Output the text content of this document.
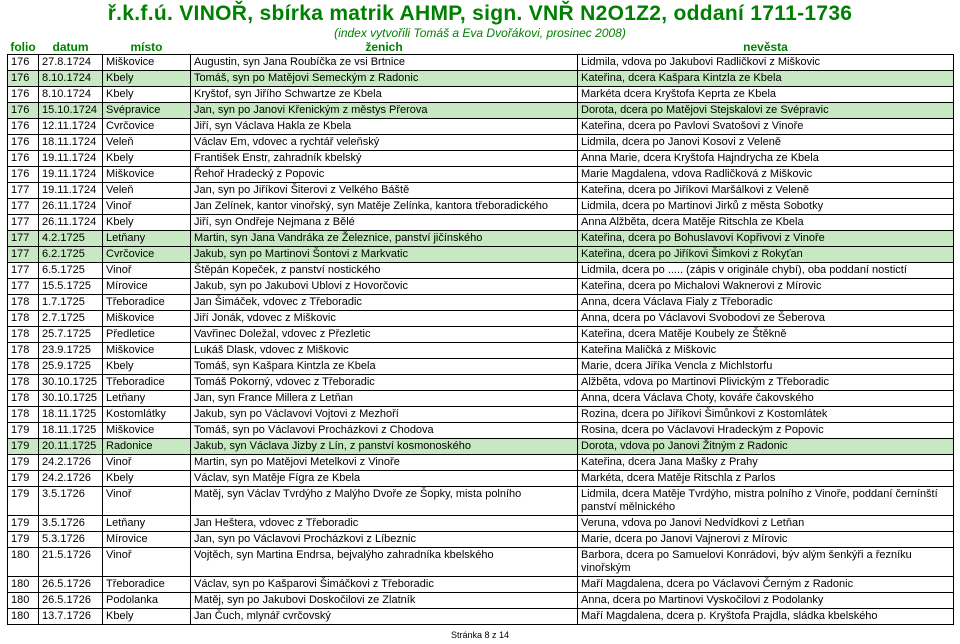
ř.k.f.ú. VINOŘ, sbírka matrik AHMP, sign. VNŘ N2O1Z2, oddaní 1711-1736
(index vytvořili Tomáš a Eva Dvořákovi, prosinec 2008)
folio	datum	místo	ženich	nevěsta
176	27.8.1724	Miškovice	Augustin, syn Jana Roubíčka ze vsi Brtnice	Lidmila, vdova po Jakubovi Radličkovi z Miškovic
176	8.10.1724	Kbely	Tomáš, syn po Matějovi Semeckým z Radonic	Kateřina, dcera Kašpara Kintzla ze Kbela
176	8.10.1724	Kbely	Kryštof, syn Jiřího Schwartze ze Kbela	Markéta dcera Kryštofa Keprta ze Kbela
176	15.10.1724	Svépravice	Jan, syn po Janovi Křenickým z městys Přerova	Dorota, dcera po Matějovi Stejskalovi ze Svépravic
176	12.11.1724	Cvrčovice	Jiří, syn Václava Hakla ze Kbela	Kateřina, dcera po Pavlovi Svatošovi z Vinoře
176	18.11.1724	Veleň	Václav Em, vdovec a rychtář veleňský	Lidmila, dcera po Janovi Kosovi z Veleně
176	19.11.1724	Kbely	František Enstr, zahradník kbelský	Anna Marie, dcera Kryštofa Hajndrycha ze Kbela
176	19.11.1724	Miškovice	Řehoř Hradecký z Popovic	Marie Magdalena, vdova Radličková z Miškovic
177	19.11.1724	Veleň	Jan, syn po Jiříkovi Šiterovi z Velkého Báště	Kateřina, dcera po Jiříkovi Maršálkovi z Veleně
177	26.11.1724	Vinoř	Jan Zelínek, kantor vinořský, syn Matěje Zelínka, kantora třeboradického	Lidmila, dcera po Martinovi Jirků z města Sobotky
177	26.11.1724	Kbely	Jiří, syn Ondřeje Nejmana z Bělé	Anna Alžběta, dcera Matěje Ritschla ze Kbela
177	4.2.1725	Letňany	Martin, syn Jana Vandráka ze Železnice, panství jičínského	Kateřina, dcera po Bohuslavovi Kopřivovi z Vinoře
177	6.2.1725	Cvrčovice	Jakub, syn po Martinovi Šontovi z Markvatic	Kateřina, dcera po Jiříkovi Šimkovi z Rokyťan
177	6.5.1725	Vinoř	Štěpán Kopeček, z panství nostického	Lidmila, dcera po ..... (zápis v originále chybí), oba poddaní nostictí
177	15.5.1725	Mírovice	Jakub, syn po Jakubovi Ublovi z Hovorčovic	Kateřina, dcera po Michalovi Waknerovi z Mírovic
178	1.7.1725	Třeboradice	Jan Šimáček, vdovec z Třeboradic	Anna, dcera Václava Fialy z Třeboradic
178	2.7.1725	Miškovice	Jiří Jonák, vdovec z Miškovic	Anna, dcera po Václavovi Svobodovi ze Šeberova
178	25.7.1725	Předletice	Vavřinec Doležal, vdovec z Přezletic	Kateřina, dcera Matěje Koubely ze Štěkně
178	23.9.1725	Miškovice	Lukáš Dlask, vdovec z Miškovic	Kateřina Maličká z Miškovic
178	25.9.1725	Kbely	Tomáš, syn Kašpara Kintzla ze Kbela	Marie, dcera Jiříka Vencla z Michlstorfu
178	30.10.1725	Třeboradice	Tomáš Pokorný, vdovec z Třeboradic	Alžběta, vdova po Martinovi Plivickým z Třeboradic
178	30.10.1725	Letňany	Jan, syn France Millera z Letňan	Anna, dcera Václava Choty, kováře čakovského
178	18.11.1725	Kostomlátky	Jakub, syn po Václavovi Vojtovi z Mezhoří	Rozina, dcera po Jiříkovi Šimůnkovi z Kostomlátek
179	18.11.1725	Miškovice	Tomáš, syn po Václavovi Procházkovi z Chodova	Rosina, dcera po Václavovi Hradeckým z Popovic
179	20.11.1725	Radonice	Jakub, syn Václava Jizby z Lín, z panství kosmonoského	Dorota, vdova po Janovi Žitným z Radonic
179	24.2.1726	Vinoř	Martin, syn po Matějovi Metelkovi z Vinoře	Kateřina, dcera Jana Mašky z Prahy
179	24.2.1726	Kbely	Václav, syn Matěje Fígra ze Kbela	Markéta, dcera Matěje Ritschla z Parlos
179	3.5.1726	Vinoř	Matěj, syn Václav Tvrdýho z Malýho Dvoře ze Šopky, mista polního	Lidmila, dcera Matěje Tvrdýho, mistra polního z Vinoře, poddaní černínští panství mělnického
179	3.5.1726	Letňany	Jan Heštera, vdovec z Třeboradic	Veruna, vdova po Janovi Nedvídkovi z Letňan
179	5.3.1726	Mírovice	Jan, syn po Václavovi Procházkovi z Líbeznic	Marie, dcera po Janovi Vajnerovi z Mírovic
180	21.5.1726	Vinoř	Vojtěch, syn Martina Endrsa, bejvalýho zahradníka kbelského	Barbora, dcera po Samuelovi Konrádovi, býv alým šenkýři a řezníku vinořským
180	26.5.1726	Třeboradice	Václav, syn po Kašparovi Šimáčkovi z Třeboradic	Maří Magdalena, dcera po Václavovi Černým z Radonic
180	26.5.1726	Podolanka	Matěj, syn po Jakubovi Doskočilovi ze Zlatník	Anna, dcera po Martinovi Vyskočilovi z Podolanky
180	13.7.1726	Kbely	Jan Čuch, mlynář cvrčovský	Maří Magdalena, dcera p. Kryštofa Prajdla, sládka kbelského
Stránka 8 z 14
